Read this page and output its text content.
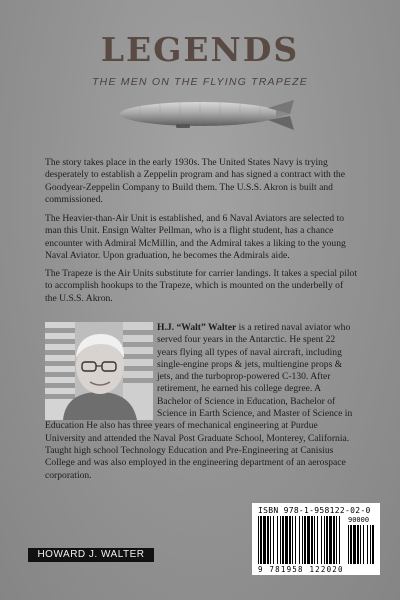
LEGENDS
THE MEN ON THE FLYING TRAPEZE

The story takes place in the early 1930s. The United States Navy is trying desperately to establish a Zeppelin program and has signed a contract with the Goodyear-Zeppelin Company to Build them. The U.S.S. Akron is built and commissioned.

The Heavier-than-Air Unit is established, and 6 Naval Aviators are selected to man this Unit. Ensign Walter Pellman, who is a flight student, has a chance encounter with Admiral McMillin, and the Admiral takes a liking to the young Naval Aviator. Upon graduation, he becomes the Admirals aide.

The Trapeze is the Air Units substitute for carrier landings. It takes a special pilot to accomplish hookups to the Trapeze, which is mounted on the underbelly of the U.S.S. Akron.

H.J. “Walt” Walter is a retired naval aviator who served four years in the Antarctic. He spent 22 years flying all types of naval aircraft, including single-engine props & jets, multiengine props & jets, and the turboprop-powered C-130. After retirement, he earned his college degree. A Bachelor of Science in Education, Bachelor of Science in Earth Science, and Master of Science in Education He also has three years of mechanical engineering at Purdue University and attended the Naval Post Graduate School, Monterey, California. Taught high school Technology Education and Pre-Engineering at Canisius College and was also employed in the engineering department of an aerospace corporation.

HOWARD J. WALTER
ISBN 978-1-958122-02-0
90000
9 781958 122020
